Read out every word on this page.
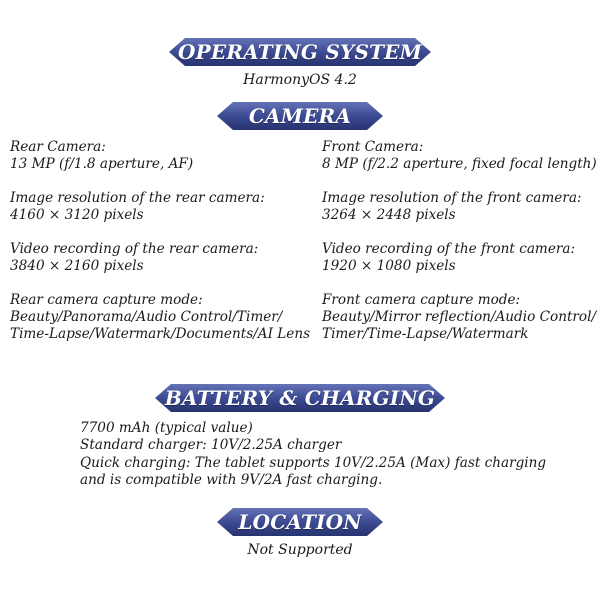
OPERATING SYSTEM
HarmonyOS 4.2
CAMERA
Rear Camera:
13 MP (f/1.8 aperture, AF)
Image resolution of the rear camera:
4160 × 3120 pixels
Video recording of the rear camera:
3840 × 2160 pixels
Rear camera capture mode:
Beauty/Panorama/Audio Control/Timer/
Time-Lapse/Watermark/Documents/AI Lens
Front Camera:
8 MP (f/2.2 aperture, fixed focal length)
Image resolution of the front camera:
3264 × 2448 pixels
Video recording of the front camera:
1920 × 1080 pixels
Front camera capture mode:
Beauty/Mirror reflection/Audio Control/
Timer/Time-Lapse/Watermark
BATTERY & CHARGING
7700 mAh (typical value)
Standard charger: 10V/2.25A charger
Quick charging: The tablet supports 10V/2.25A (Max) fast charging
and is compatible with 9V/2A fast charging.
LOCATION
Not Supported
